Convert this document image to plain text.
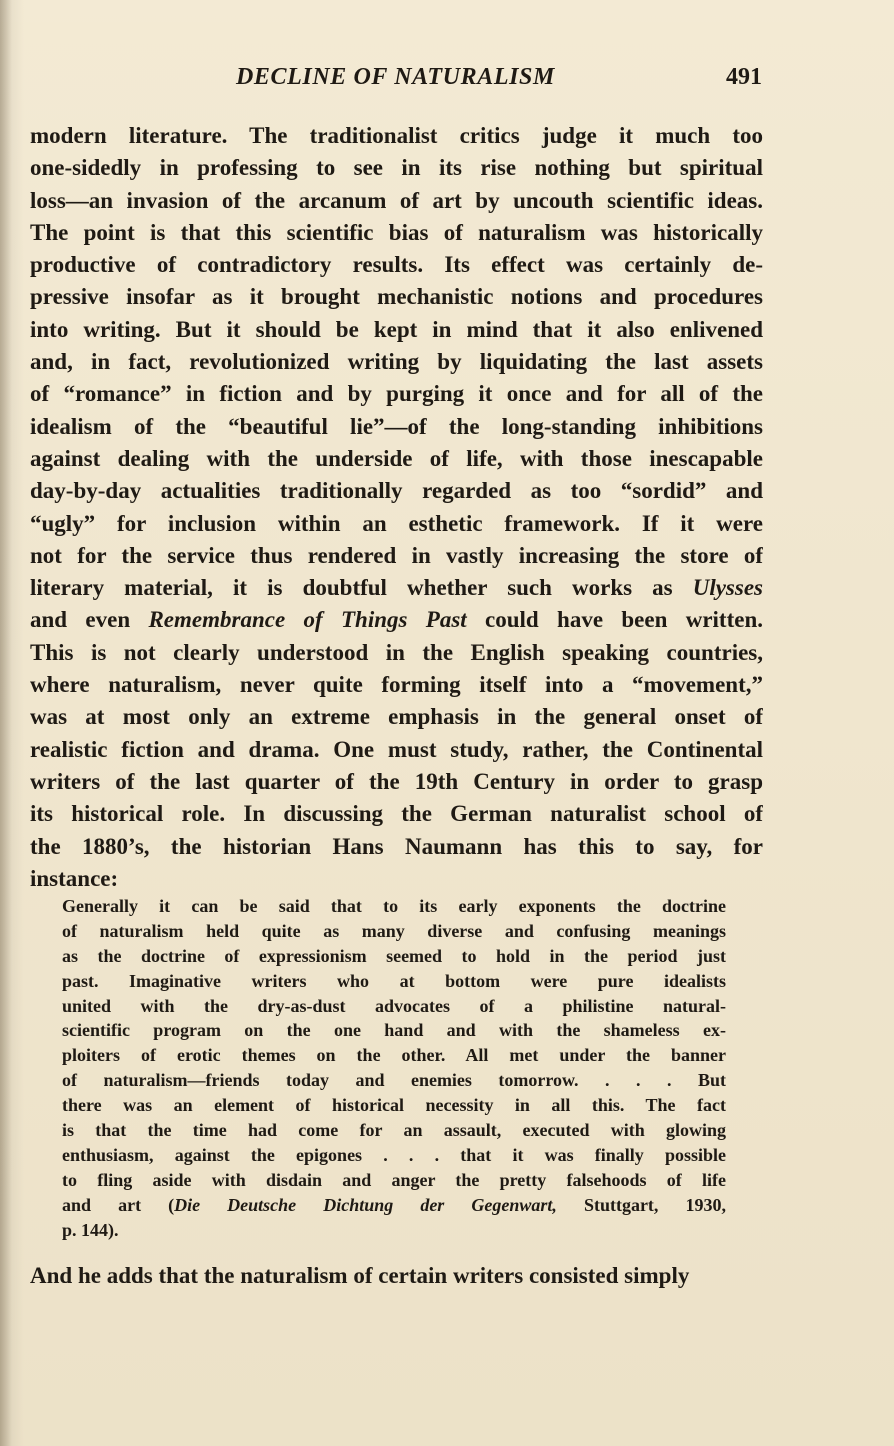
DECLINE OF NATURALISM	491
modern literature. The traditionalist critics judge it much too
one-sidedly in professing to see in its rise nothing but spiritual
loss—an invasion of the arcanum of art by uncouth scientific ideas.
The point is that this scientific bias of naturalism was historically
productive of contradictory results. Its effect was certainly de-
pressive insofar as it brought mechanistic notions and procedures
into writing. But it should be kept in mind that it also enlivened
and, in fact, revolutionized writing by liquidating the last assets
of “romance” in fiction and by purging it once and for all of the
idealism of the “beautiful lie”—of the long-standing inhibitions
against dealing with the underside of life, with those inescapable
day-by-day actualities traditionally regarded as too “sordid” and
“ugly” for inclusion within an esthetic framework. If it were
not for the service thus rendered in vastly increasing the store of
literary material, it is doubtful whether such works as Ulysses
and even Remembrance of Things Past could have been written.
This is not clearly understood in the English speaking countries,
where naturalism, never quite forming itself into a “movement,”
was at most only an extreme emphasis in the general onset of
realistic fiction and drama. One must study, rather, the Continental
writers of the last quarter of the 19th Century in order to grasp
its historical role. In discussing the German naturalist school of
the 1880’s, the historian Hans Naumann has this to say, for
instance:
Generally it can be said that to its early exponents the doctrine
of naturalism held quite as many diverse and confusing meanings
as the doctrine of expressionism seemed to hold in the period just
past. Imaginative writers who at bottom were pure idealists
united with the dry-as-dust advocates of a philistine natural-
scientific program on the one hand and with the shameless ex-
ploiters of erotic themes on the other. All met under the banner
of naturalism—friends today and enemies tomorrow. . . . But
there was an element of historical necessity in all this. The fact
is that the time had come for an assault, executed with glowing
enthusiasm, against the epigones . . . that it was finally possible
to fling aside with disdain and anger the pretty falsehoods of life
and art (Die Deutsche Dichtung der Gegenwart, Stuttgart, 1930,
p. 144).
And he adds that the naturalism of certain writers consisted simply
